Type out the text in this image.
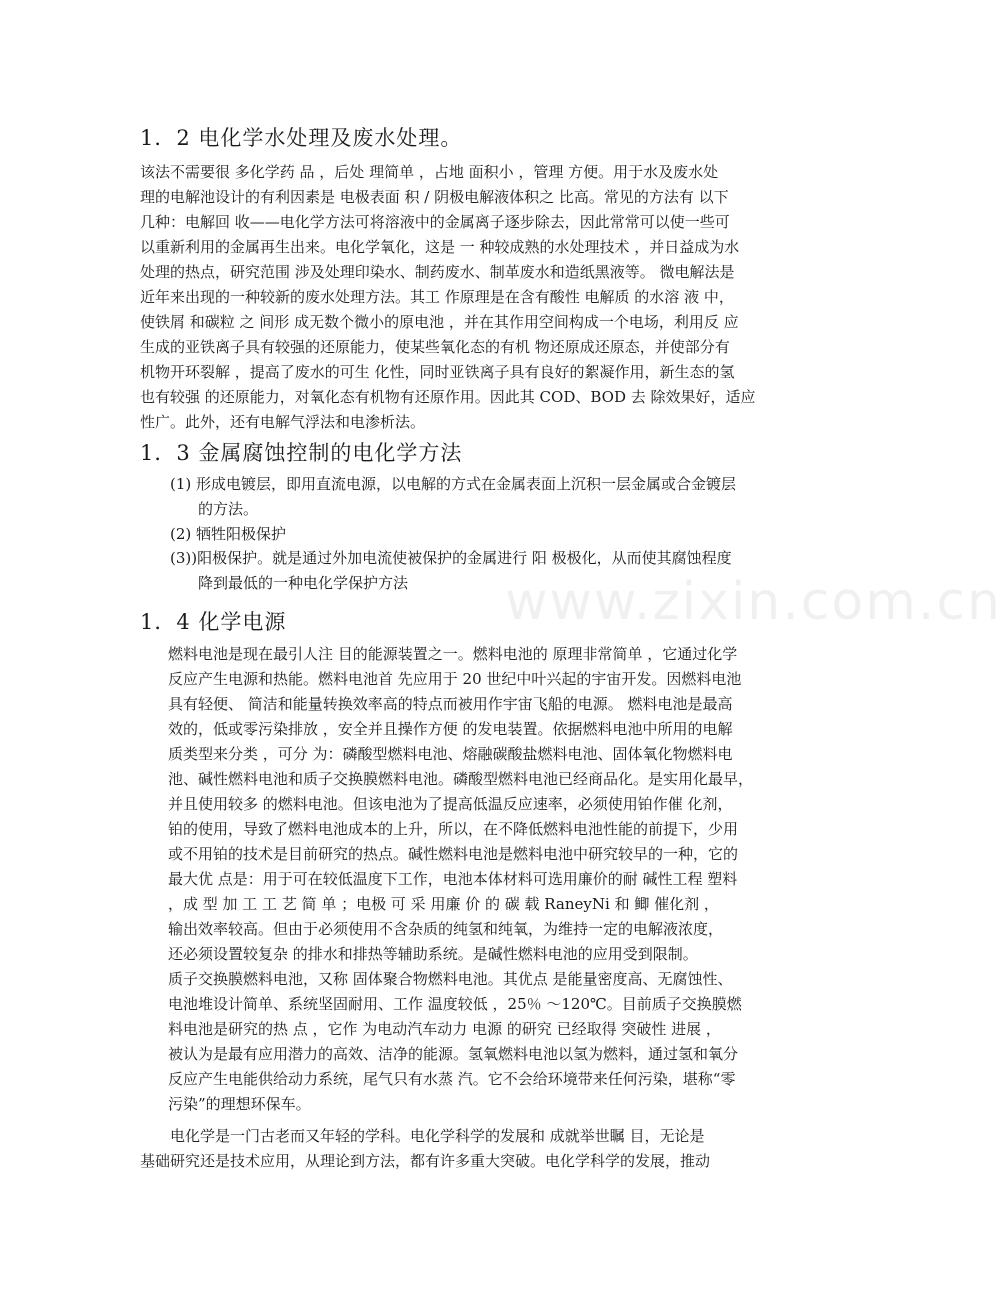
www.zixin.com.cn
1．2 电化学水处理及废水处理。
该法不需要很 多化学药 品 ，后处 理简单 ，占地 面积小 ，管理 方便。用于水及废水处
理的电解池设计的有利因素是 电极表面 积 / 阴极电解液体积之 比高。常见的方法有 以下
几种：电解回 收——电化学方法可将溶液中的金属离子逐步除去，因此常常可以使一些可
以重新利用的金属再生出来。电化学氧化，这是 一 种较成熟的水处理技术 ，并日益成为水
处理的热点，研究范围 涉及处理印染水、制药废水、制革废水和造纸黑液等。 微电解法是
近年来出现的一种较新的废水处理方法。其工 作原理是在含有酸性 电解质 的水溶 液 中，
使铁屑 和碳粒 之 间形 成无数个微小的原电池 ，并在其作用空间构成一个电场，利用反 应
生成的亚铁离子具有较强的还原能力，使某些氧化态的有机 物还原成还原态，并使部分有
机物开环裂解 ，提高了废水的可生 化性，同时亚铁离子具有良好的絮凝作用，新生态的氢
也有较强 的还原能力，对氧化态有机物有还原作用。因此其 COD、BOD 去 除效果好，适应
性广。此外，还有电解气浮法和电渗析法。
1．3 金属腐蚀控制的电化学方法
(1) 形成电镀层，即用直流电源，以电解的方式在金属表面上沉积一层金属或合金镀层
的方法。
(2) 牺牲阳极保护
(3))阳极保护。就是通过外加电流使被保护的金属进行 阳 极极化，从而使其腐蚀程度
降到最低的一种电化学保护方法
1．4 化学电源
燃料电池是现在最引人注 目的能源装置之一。燃料电池的 原理非常简单 ，它通过化学
反应产生电源和热能。燃料电池首 先应用于 20 世纪中叶兴起的宇宙开发。因燃料电池
具有轻便、 简洁和能量转换效率高的特点而被用作宇宙飞船的电源。 燃料电池是最高
效的，低或零污染排放 ，安全并且操作方便 的发电装置。依据燃料电池中所用的电解
质类型来分类 ，可分 为：磷酸型燃料电池、熔融碳酸盐燃料电池、固体氧化物燃料电
池、碱性燃料电池和质子交换膜燃料电池。磷酸型燃料电池已经商品化。是实用化最早，
并且使用较多 的燃料电池。但该电池为了提高低温反应速率，必须使用铂作催 化剂，
铂的使用，导致了燃料电池成本的上升，所以，在不降低燃料电池性能的前提下，少用
或不用铂的技术是目前研究的热点。碱性燃料电池是燃料电池中研究较早的一种，它的
最大优 点是：用于可在较低温度下工作，电池本体材料可选用廉价的耐 碱性工程 塑料
，成 型 加 工 工 艺 简 单 ；电极 可 采 用廉 价 的 碳 载 RaneyNi 和 鲫 催化剂 ，
输出效率较高。但由于必须使用不含杂质的纯氢和纯氧，为维持一定的电解液浓度，
还必须设置较复杂 的排水和排热等辅助系统。是碱性燃料电池的应用受到限制。
质子交换膜燃料电池，又称 固体聚合物燃料电池。其优点 是能量密度高、无腐蚀性、
电池堆设计简单、系统坚固耐用、工作 温度较低 ，25％ ～120℃。目前质子交换膜燃
料电池是研究的热 点 ，它作 为电动汽车动力 电源 的研究 已经取得 突破性 进展 ，
被认为是最有应用潜力的高效、洁净的能源。氢氧燃料电池以氢为燃料，通过氢和氧分
反应产生电能供给动力系统，尾气只有水蒸 汽。它不会给环境带来任何污染，堪称“零
污染”的理想环保车。
　　电化学是一门古老而又年轻的学科。电化学科学的发展和 成就举世瞩 目，无论是
基础研究还是技术应用，从理论到方法，都有许多重大突破。电化学科学的发展，推动
